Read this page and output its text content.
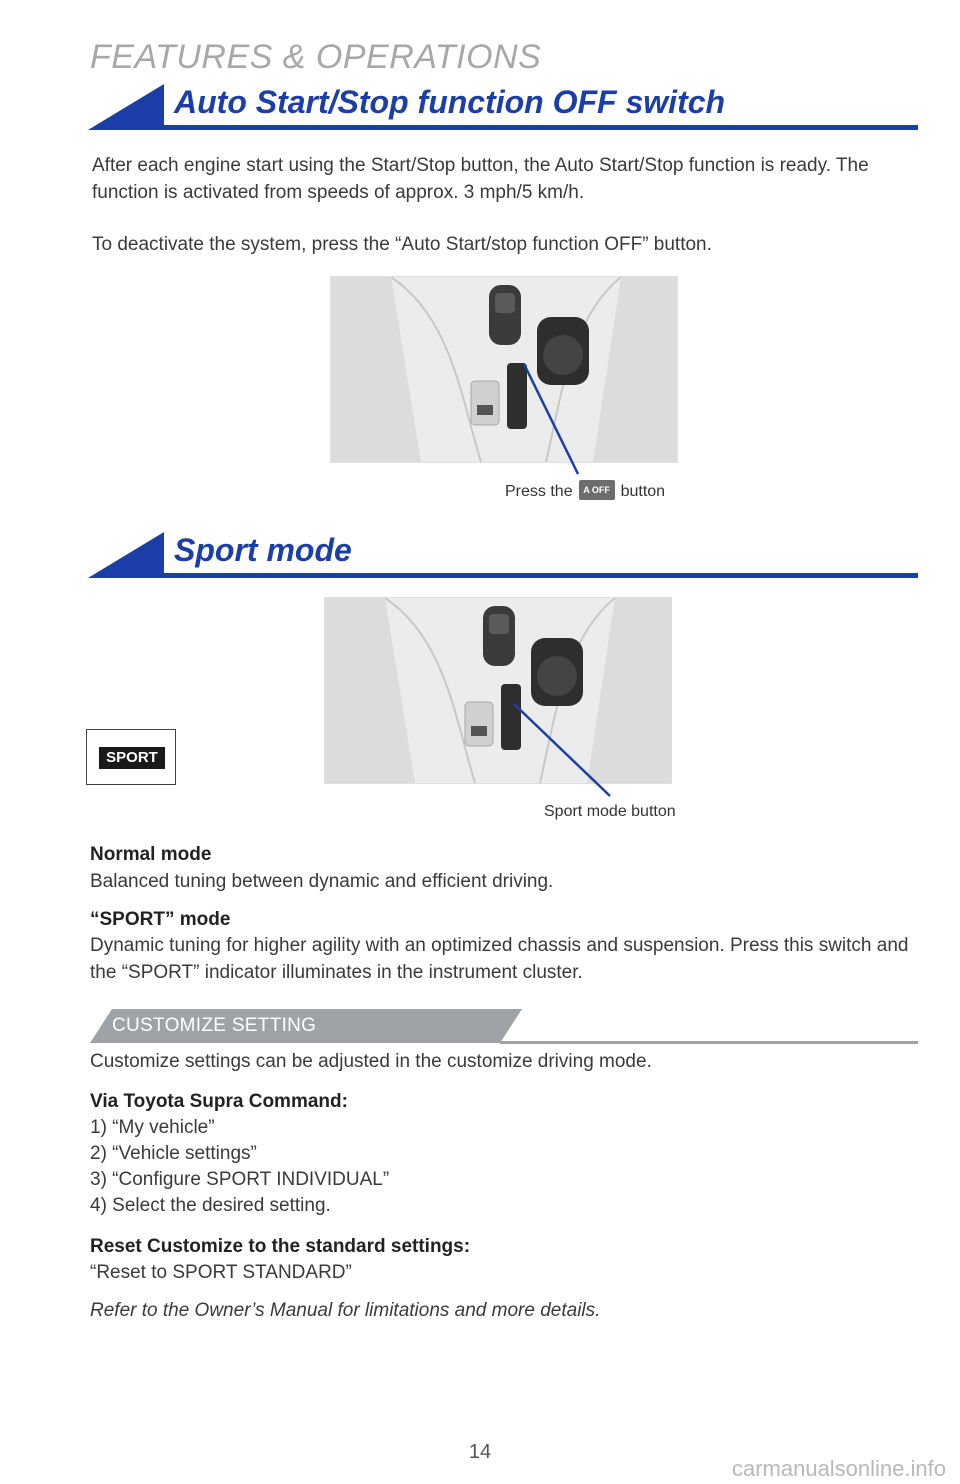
FEATURES & OPERATIONS
Auto Start/Stop function OFF switch

After each engine start using the Start/Stop button, the Auto Start/Stop function is ready. The function is activated from speeds of approx. 3 mph/5 km/h.

To deactivate the system, press the “Auto Start/stop function OFF” button.

Press the A OFF button
Sport mode
Sport mode button
SPORT

Normal mode

Balanced tuning between dynamic and efficient driving.

“SPORT” mode

Dynamic tuning for higher agility with an optimized chassis and suspension. Press this switch and the “SPORT” indicator illuminates in the instrument cluster.

CUSTOMIZE SETTING

Customize settings can be adjusted in the customize driving mode.

Via Toyota Supra Command:

1) “My vehicle”

2) “Vehicle settings”

3) “Configure SPORT INDIVIDUAL”

4) Select the desired setting.

Reset Customize to the standard settings:

“Reset to SPORT STANDARD”

Refer to the Owner’s Manual for limitations and more details.

14
carmanualsonline.info
